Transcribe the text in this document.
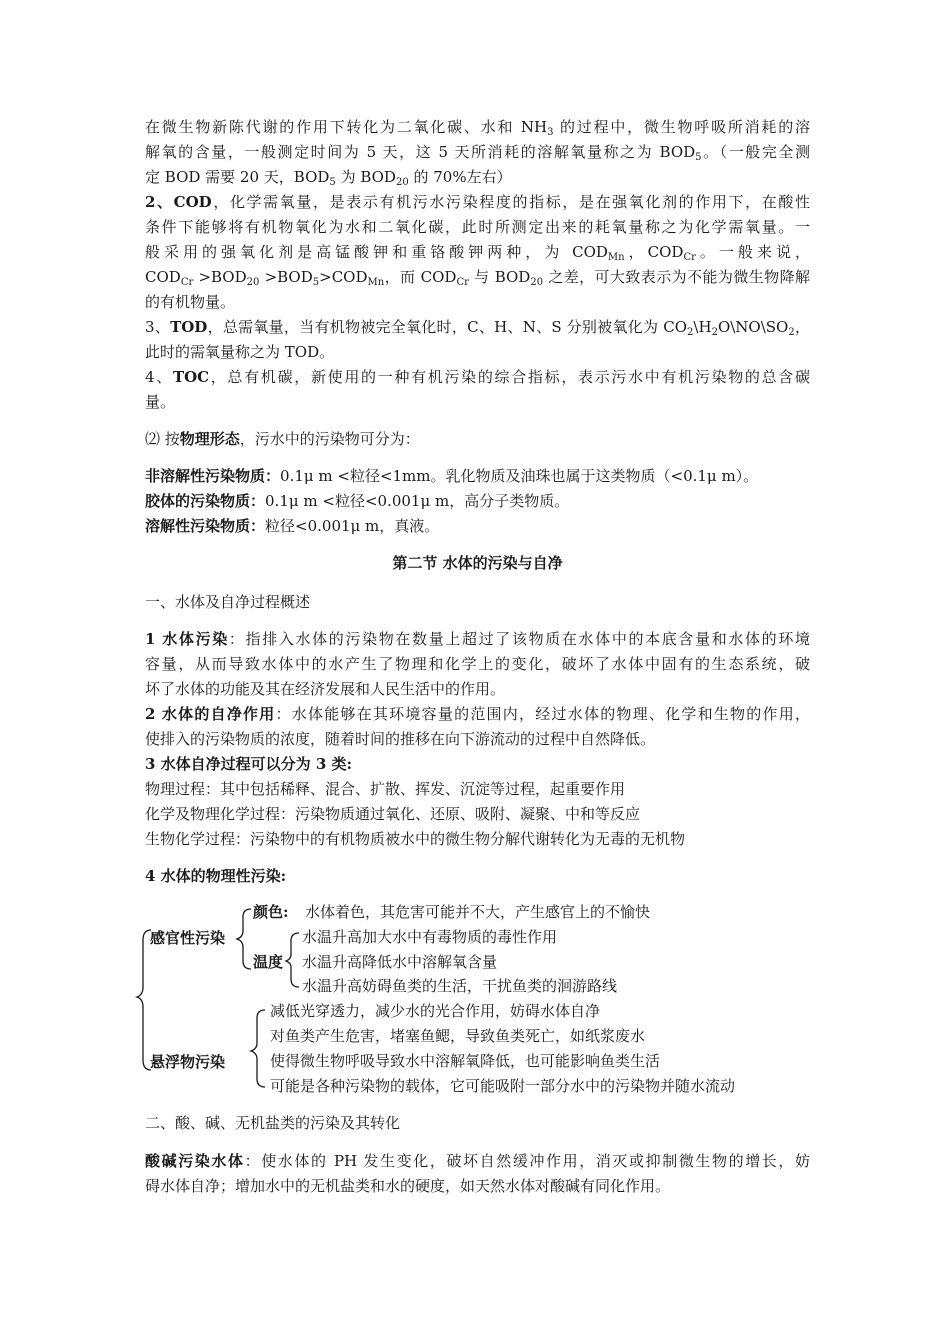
在微生物新陈代谢的作用下转化为二氧化碳、水和 $NH_3$ 的过程中，微生物呼吸所消耗的溶
解氧的含量，一般测定时间为 5 天，这 5 天所消耗的溶解氧量称之为 $BOD_5$。（一般完全测
定 BOD 需要 20 天，$BOD_5$ 为 $BOD_{20}$ 的 70%左右）
2、COD，化学需氧量，是表示有机污水污染程度的指标，是在强氧化剂的作用下，在酸性
条件下能够将有机物氧化为水和二氧化碳，此时所测定出来的耗氧量称之为化学需氧量。一
般采用的强氧化剂是高锰酸钾和重铬酸钾两种，为 $COD_{Mn}$，$COD_{Cr}$。一般来说，
$COD_{Cr} >BOD_{20} >BOD_5>COD_{Mn}$，而 $COD_{Cr}$ 与 $BOD_{20}$ 之差，可大致表示为不能为微生物降解
的有机物量。
3、TOD，总需氧量，当有机物被完全氧化时，C、H、N、S 分别被氧化为 $CO_2\backslash H_2O\backslash NO\backslash SO_2$，
此时的需氧量称之为 TOD。
4、TOC，总有机碳，新使用的一种有机污染的综合指标，表示污水中有机污染物的总含碳
量。
⑵ 按物理形态，污水中的污染物可分为：
非溶解性污染物质：0.1μ m <粒径<1mm。乳化物质及油珠也属于这类物质（<0.1μ m）。
胶体的污染物质：0.1μ m <粒径<0.001μ m，高分子类物质。
溶解性污染物质：粒径<0.001μ m，真液。
第二节 水体的污染与自净
一、水体及自净过程概述
1 水体污染：指排入水体的污染物在数量上超过了该物质在水体中的本底含量和水体的环境
容量，从而导致水体中的水产生了物理和化学上的变化，破坏了水体中固有的生态系统，破
坏了水体的功能及其在经济发展和人民生活中的作用。
2 水体的自净作用：水体能够在其环境容量的范围内，经过水体的物理、化学和生物的作用，
使排入的污染物质的浓度，随着时间的推移在向下游流动的过程中自然降低。
3 水体自净过程可以分为 3 类:
物理过程：其中包括稀释、混合、扩散、挥发、沉淀等过程，起重要作用
化学及物理化学过程：污染物质通过氧化、还原、吸附、凝聚、中和等反应
生物化学过程：污染物中的有机物质被水中的微生物分解代谢转化为无毒的无机物
4 水体的物理性污染:
感官性污染
颜色: 水体着色，其危害可能并不大，产生感官上的不愉快
温度
水温升高加大水中有毒物质的毒性作用
水温升高降低水中溶解氧含量
水温升高妨碍鱼类的生活，干扰鱼类的洄游路线
悬浮物污染
减低光穿透力，减少水的光合作用，妨碍水体自净
对鱼类产生危害，堵塞鱼鳃，导致鱼类死亡，如纸浆废水
使得微生物呼吸导致水中溶解氧降低，也可能影响鱼类生活
可能是各种污染物的载体，它可能吸附一部分水中的污染物并随水流动
二、酸、碱、无机盐类的污染及其转化
酸碱污染水体：使水体的 PH 发生变化，破坏自然缓冲作用，消灭或抑制微生物的增长，妨
碍水体自净；增加水中的无机盐类和水的硬度，如天然水体对酸碱有同化作用。
